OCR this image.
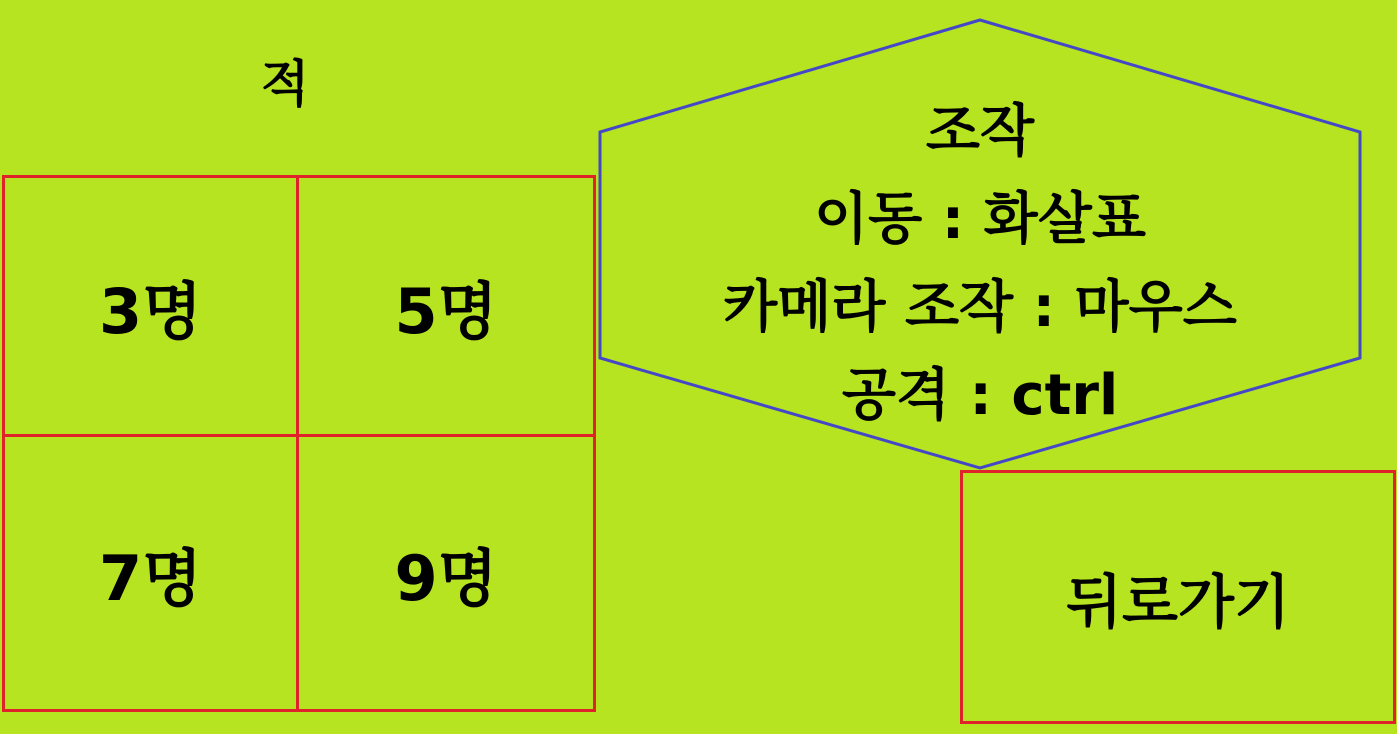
적
3명	5명
7명	9명
조작
이동 : 화살표
카메라 조작 : 마우스
공격 : ctrl
뒤로가기
